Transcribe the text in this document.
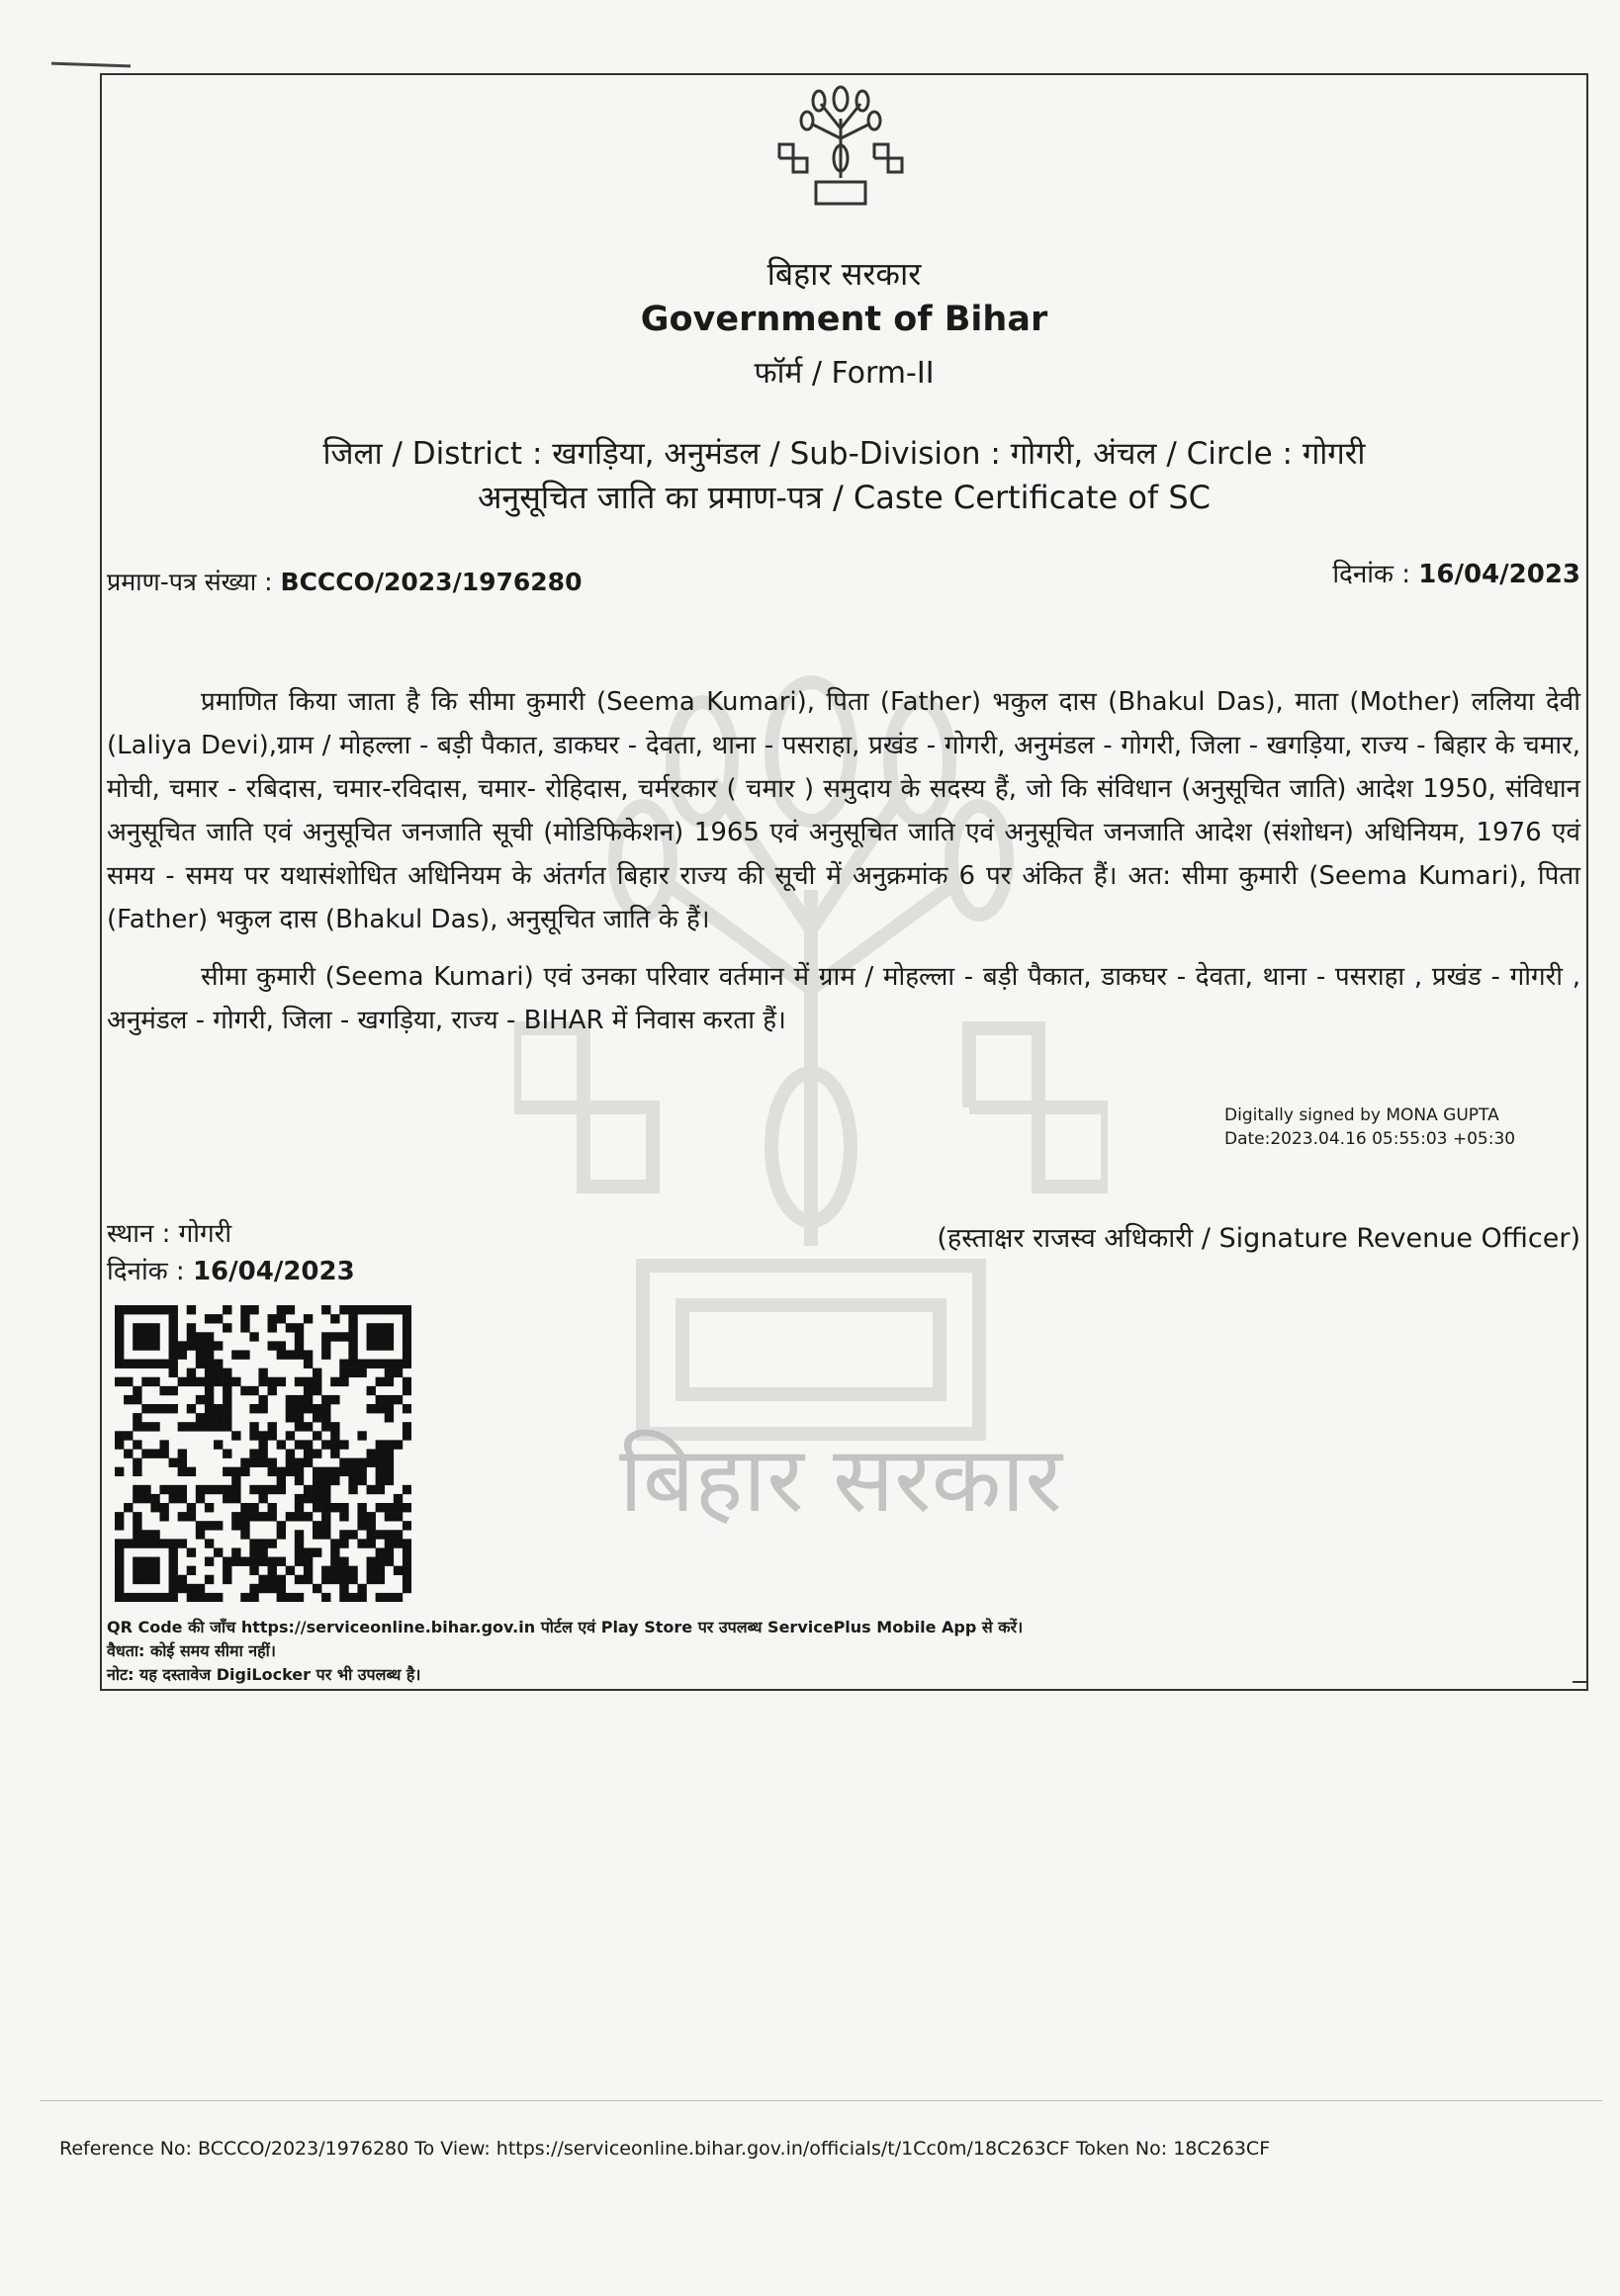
बिहार सरकार
बिहार सरकार
Government of Bihar
फॉर्म / Form-II
जिला / District : खगड़िया, अनुमंडल / Sub-Division : गोगरी, अंचल / Circle : गोगरी
अनुसूचित जाति का प्रमाण-पत्र / Caste Certificate of SC
प्रमाण-पत्र संख्या : BCCCO/2023/1976280	दिनांक : 16/04/2023

प्रमाणित किया जाता है कि सीमा कुमारी (Seema Kumari), पिता (Father) भकुल दास (Bhakul Das), माता (Mother) ललिया देवी (Laliya Devi),ग्राम / मोहल्ला - बड़ी पैकात, डाकघर - देवता, थाना - पसराहा, प्रखंड - गोगरी, अनुमंडल - गोगरी, जिला - खगड़िया, राज्य - बिहार के चमार, मोची, चमार - रबिदास, चमार-रविदास, चमार- रोहिदास, चर्मरकार ( चमार ) समुदाय के सदस्य हैं, जो कि संविधान (अनुसूचित जाति) आदेश 1950, संविधान अनुसूचित जाति एवं अनुसूचित जनजाति सूची (मोडिफिकेशन) 1965 एवं अनुसूचित जाति एवं अनुसूचित जनजाति आदेश (संशोधन) अधिनियम, 1976 एवं समय - समय पर यथासंशोधित अधिनियम के अंतर्गत बिहार राज्य की सूची में अनुक्रमांक 6 पर अंकित हैं। अत: सीमा कुमारी (Seema Kumari), पिता (Father) भकुल दास (Bhakul Das), अनुसूचित जाति के हैं।

सीमा कुमारी (Seema Kumari) एवं उनका परिवार वर्तमान में ग्राम / मोहल्ला - बड़ी पैकात, डाकघर - देवता, थाना - पसराहा , प्रखंड - गोगरी , अनुमंडल - गोगरी, जिला - खगड़िया, राज्य - BIHAR में निवास करता हैं।

Digitally signed by MONA GUPTA
Date:2023.04.16 05:55:03 +05:30
स्थान : गोगरी
दिनांक : 16/04/2023
(हस्ताक्षर राजस्व अधिकारी / Signature Revenue Officer)
QR Code की जाँच https://serviceonline.bihar.gov.in पोर्टल एवं Play Store पर उपलब्ध ServicePlus Mobile App से करें।
वैधता: कोई समय सीमा नहीं।
नोट: यह दस्तावेज DigiLocker पर भी उपलब्ध है।
Reference No: BCCCO/2023/1976280 To View: https://serviceonline.bihar.gov.in/officials/t/1Cc0m/18C263CF Token No: 18C263CF
